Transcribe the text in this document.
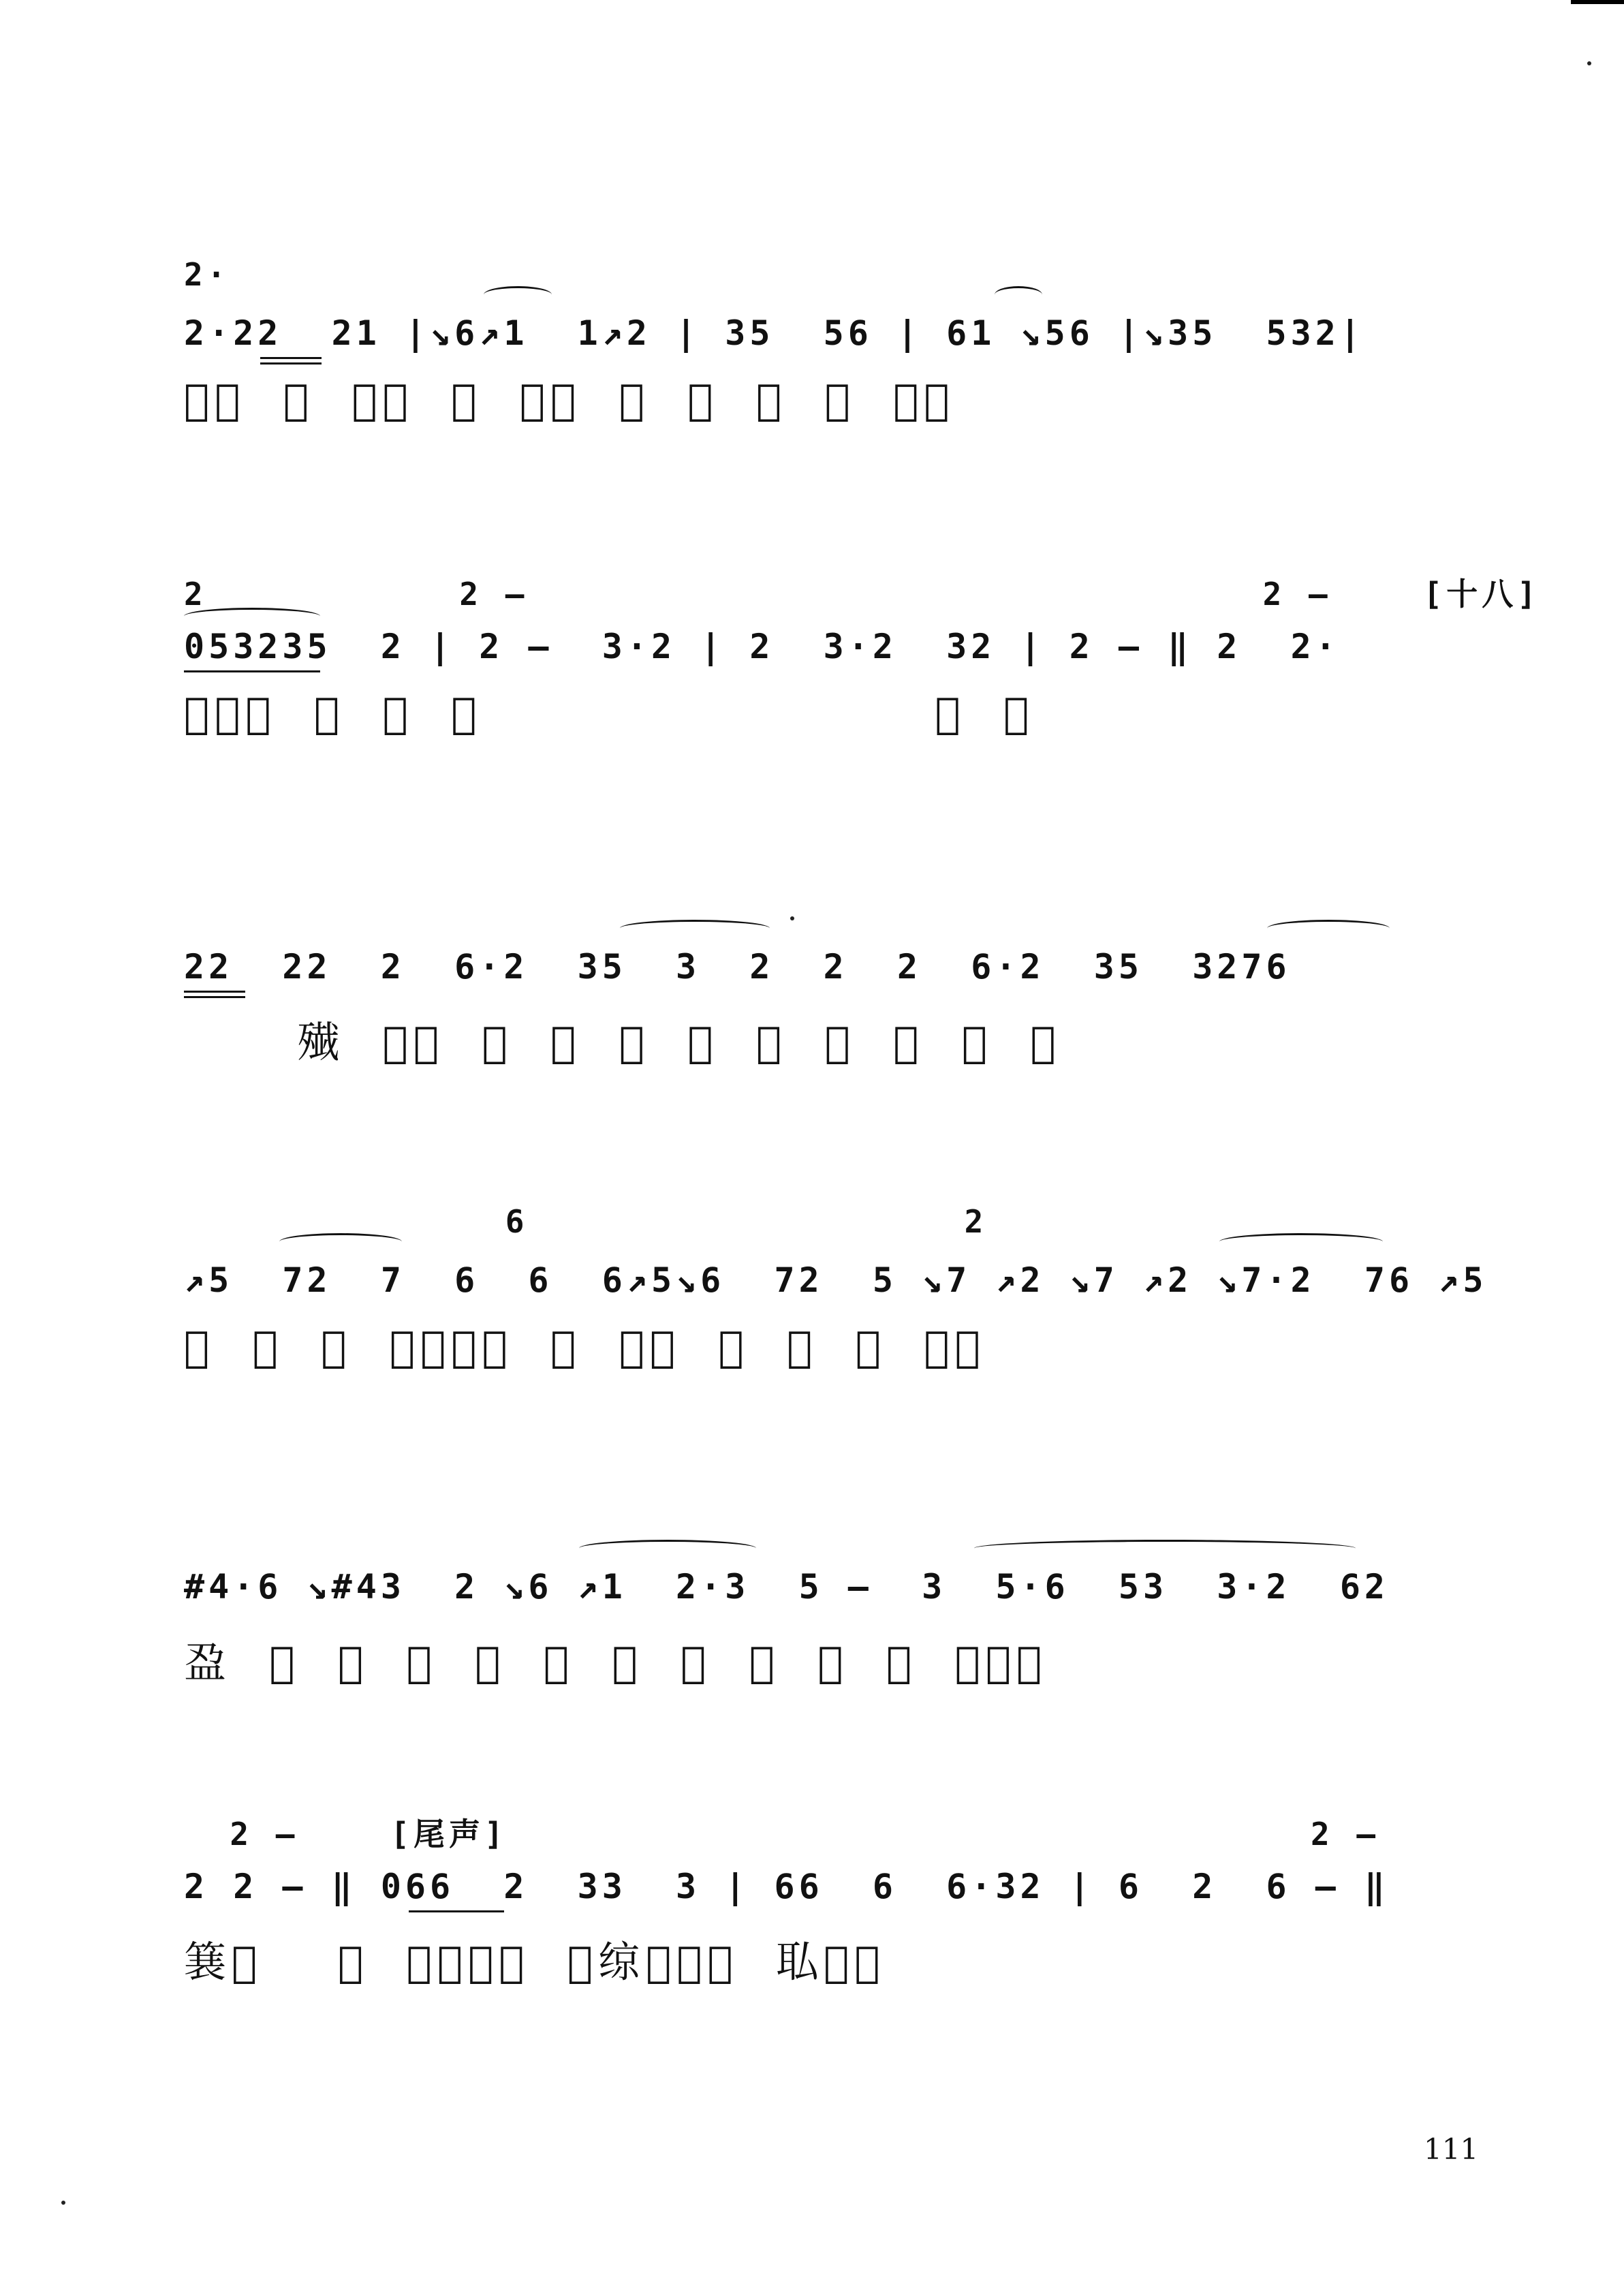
2·
2·22  21 |↘6↗1  1↗2 | 35  56 | 61 ↘56 |↘35  532|
𫝮𫝰  𫞀  𫞁𫞂  𫞃  𫞄𫞅  𫞆  𫞇  𫞈  𫞉  𫞊𫞋
2           2 —                                2 —    [十八]
053235  2 | 2 —  3·2 | 2  3·2  32 | 2 — ‖ 2  2·
𫞌𫞍𫞎  𫞏  𫞐  𫞑                        𫞒  𫞓
22  22  2  6·2  35  3  2  2  2  6·2  35  3276
𫞔  𫞕𫞖  𫞗  𫞘  𫞙  𫞚  𫞛  𫞜  𫞝  𫞞  𫞟
6                   2
↗5  72  7  6  6  6↗5↘6  72  5 ↘7 ↗2 ↘7 ↗2 ↘7·2  76 ↗5
𫞠  𫞡  𫞢  𫞣𫞤𫞥𫞦  𫞧  𫞨𫞩  𫞪  𫞫  𫞬  𫞭𫞮
#4·6 ↘#43  2 ↘6 ↗1  2·3  5 —  3  5·6  53  3·2  62
𫞯  𫞰  𫞱  𫞲  𫞳  𫞴  𫞵  𫞶  𫞷  𫞸  𫞹  𫞺𫞻𫞼
2 —    [尾声]                                   2 —
2 2 — ‖ 066  2  33  3 | 66  6  6·32 | 6  2  6 — ‖
𫞽𫞾    𫞿  𫟀𫟁𫟂𫟃  𫟄𫟅𫟆𫟇𫟈  𫟉𫟊𫟋
111
